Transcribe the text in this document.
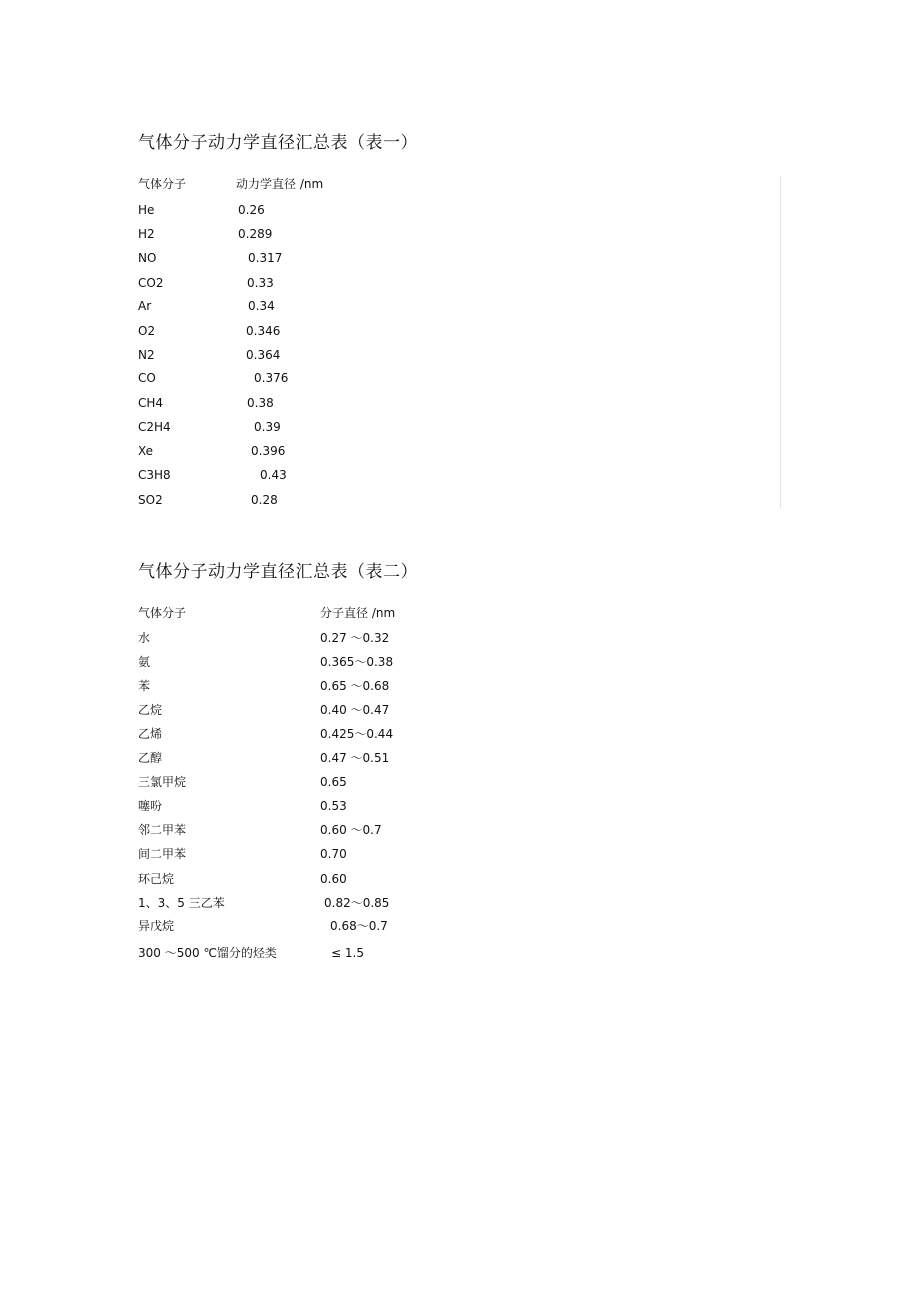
气体分子动力学直径汇总表（表一）
气体分子	动力学直径 /nm
He	0.26
H2	0.289
NO	0.317
CO2	0.33
Ar	0.34
O2	0.346
N2	0.364
CO	0.376
CH4	0.38
C2H4	0.39
Xe	0.396
C3H8	0.43
SO2	0.28
气体分子动力学直径汇总表（表二）
气体分子	分子直径 /nm
水	0.27 ～0.32
氨	0.365～0.38
苯	0.65 ～0.68
乙烷	0.40 ～0.47
乙烯	0.425～0.44
乙醇	0.47 ～0.51
三氯甲烷	0.65
噻吩	0.53
邻二甲苯	0.60 ～0.7
间二甲苯	0.70
环己烷	0.60
1、3、5 三乙苯	0.82～0.85
异戊烷	0.68～0.7
300 ～500 ℃馏分的烃类	≤ 1.5
